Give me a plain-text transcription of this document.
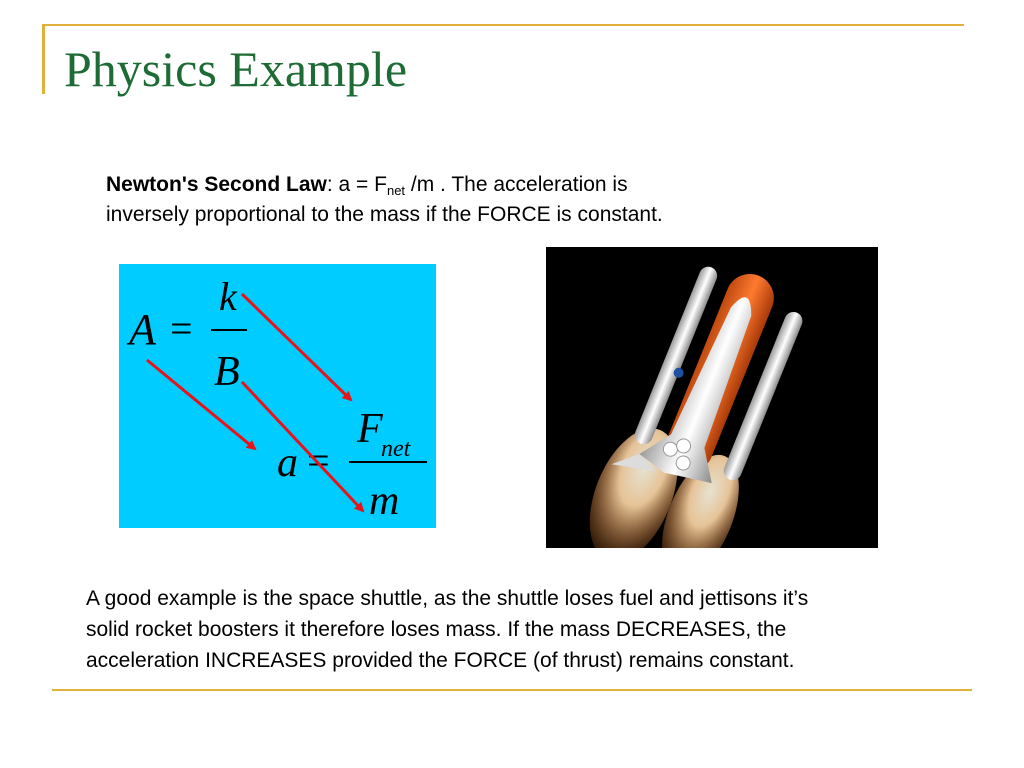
Physics Example
Newton's Second Law: $a = F_{net}$ /m . The acceleration is
inversely proportional to the mass if the FORCE is constant.
A =
k
B
a =
F
net
m
A good example is the space shuttle, as the shuttle loses fuel and jettisons it’s
solid rocket boosters it therefore loses mass. If the mass DECREASES, the
acceleration INCREASES provided the FORCE (of thrust) remains constant.
